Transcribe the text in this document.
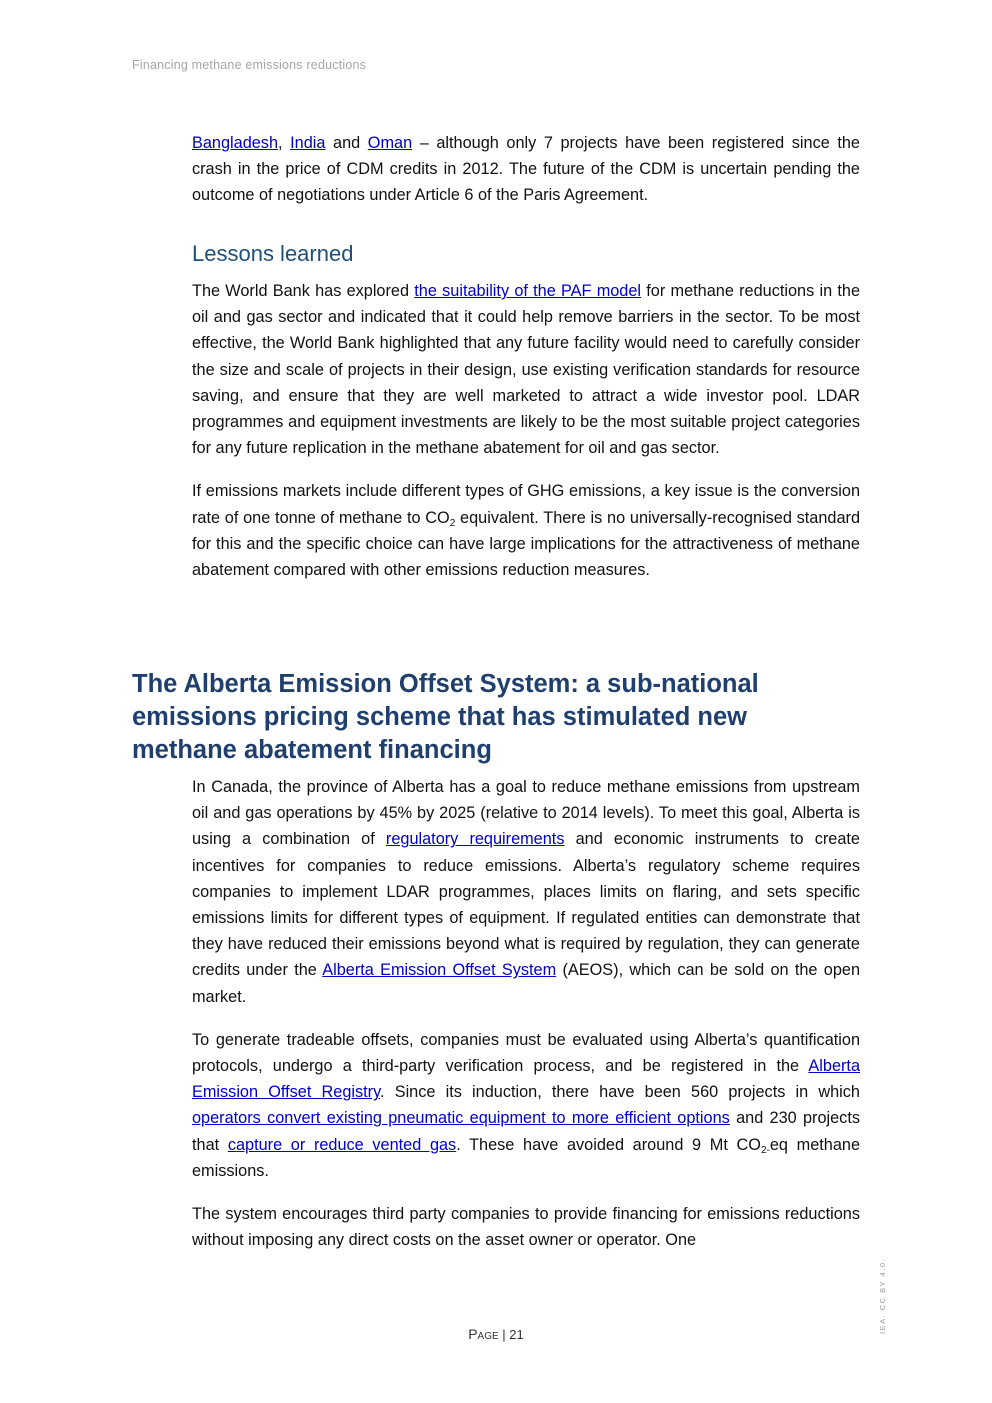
Financing methane emissions reductions

Bangladesh, India and Oman – although only 7 projects have been registered since the crash in the price of CDM credits in 2012. The future of the CDM is uncertain pending the outcome of negotiations under Article 6 of the Paris Agreement.

Lessons learned

The World Bank has explored the suitability of the PAF model for methane reductions in the oil and gas sector and indicated that it could help remove barriers in the sector. To be most effective, the World Bank highlighted that any future facility would need to carefully consider the size and scale of projects in their design, use existing verification standards for resource saving, and ensure that they are well marketed to attract a wide investor pool. LDAR programmes and equipment investments are likely to be the most suitable project categories for any future replication in the methane abatement for oil and gas sector.

If emissions markets include different types of GHG emissions, a key issue is the conversion rate of one tonne of methane to $CO_2$ equivalent. There is no universally-recognised standard for this and the specific choice can have large implications for the attractiveness of methane abatement compared with other emissions reduction measures.

The Alberta Emission Offset System: a sub-national emissions pricing scheme that has stimulated new methane abatement financing

In Canada, the province of Alberta has a goal to reduce methane emissions from upstream oil and gas operations by 45% by 2025 (relative to 2014 levels). To meet this goal, Alberta is using a combination of regulatory requirements and economic instruments to create incentives for companies to reduce emissions. Alberta’s regulatory scheme requires companies to implement LDAR programmes, places limits on flaring, and sets specific emissions limits for different types of equipment. If regulated entities can demonstrate that they have reduced their emissions beyond what is required by regulation, they can generate credits under the Alberta Emission Offset System (AEOS), which can be sold on the open market.

To generate tradeable offsets, companies must be evaluated using Alberta’s quantification protocols, undergo a third-party verification process, and be registered in the Alberta Emission Offset Registry. Since its induction, there have been 560 projects in which operators convert existing pneumatic equipment to more efficient options and 230 projects that capture or reduce vented gas. These have avoided around 9 Mt $CO_{2-}eq$ methane emissions.

The system encourages third party companies to provide financing for emissions reductions without imposing any direct costs on the asset owner or operator. One

Page | 21
IEA. CC BY 4.0.
